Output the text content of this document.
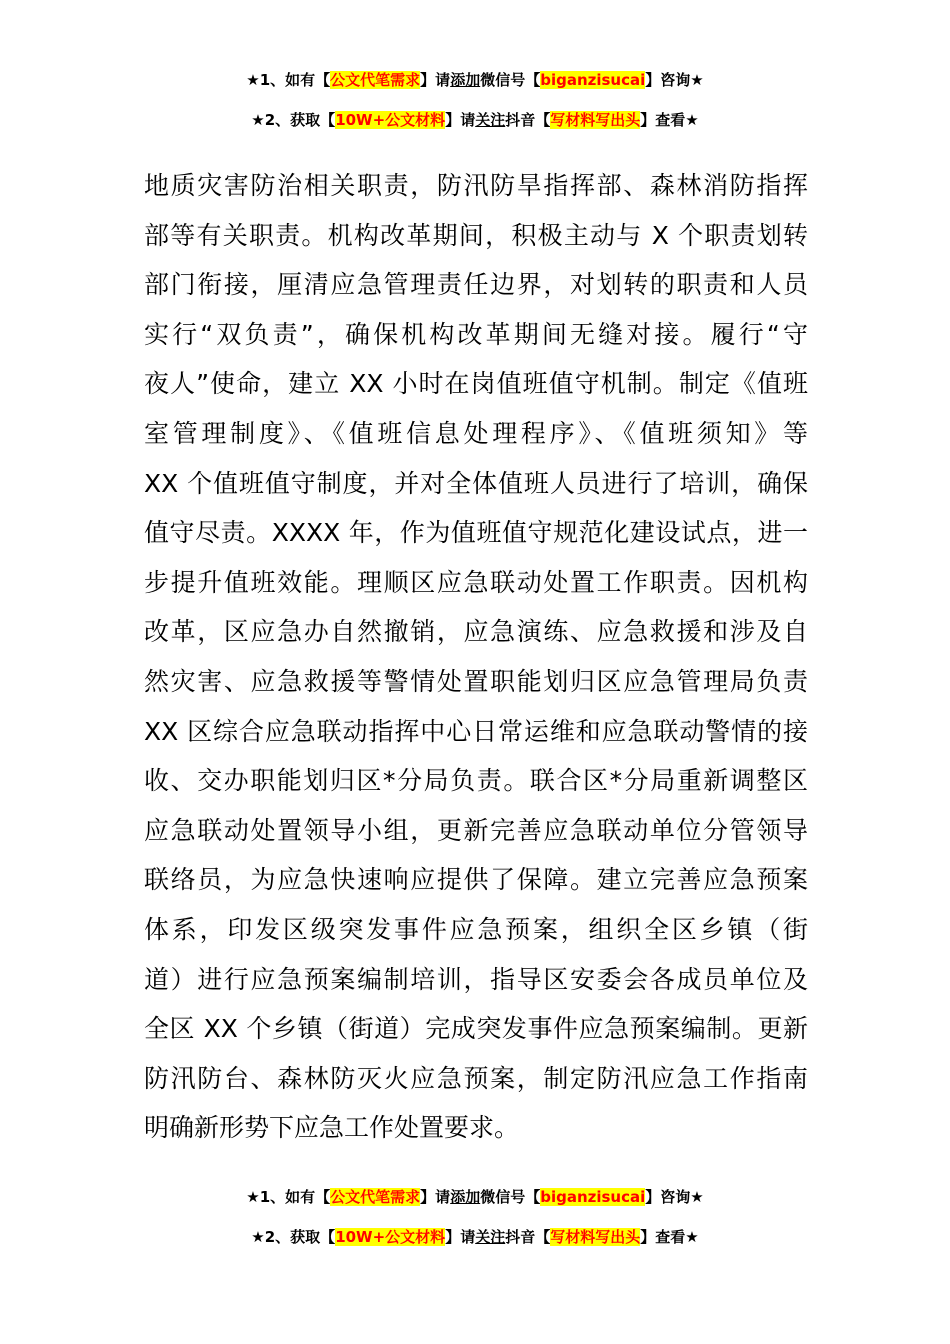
★1、如有【公文代笔需求】请添加微信号【biganzisucai】咨询★
★2、获取【10W+公文材料】请关注抖音【写材料写出头】查看★
地质灾害防治相关职责，防汛防旱指挥部、森林消防指挥
部等有关职责。机构改革期间，积极主动与 X 个职责划转
部门衔接，厘清应急管理责任边界，对划转的职责和人员
实行“双负责”，确保机构改革期间无缝对接。履行“守
夜人”使命，建立 XX 小时在岗值班值守机制。制定《值班
室管理制度》、《值班信息处理程序》、《值班须知》等
XX 个值班值守制度，并对全体值班人员进行了培训，确保
值守尽责。XXXX 年，作为值班值守规范化建设试点，进一
步提升值班效能。理顺区应急联动处置工作职责。因机构
改革，区应急办自然撤销，应急演练、应急救援和涉及自
然灾害、应急救援等警情处置职能划归区应急管理局负责
XX 区综合应急联动指挥中心日常运维和应急联动警情的接
收、交办职能划归区*分局负责。联合区*分局重新调整区
应急联动处置领导小组，更新完善应急联动单位分管领导
联络员，为应急快速响应提供了保障。建立完善应急预案
体系，印发区级突发事件应急预案，组织全区乡镇（街
道）进行应急预案编制培训，指导区安委会各成员单位及
全区 XX 个乡镇（街道）完成突发事件应急预案编制。更新
防汛防台、森林防灭火应急预案，制定防汛应急工作指南
明确新形势下应急工作处置要求。
★1、如有【公文代笔需求】请添加微信号【biganzisucai】咨询★
★2、获取【10W+公文材料】请关注抖音【写材料写出头】查看★
